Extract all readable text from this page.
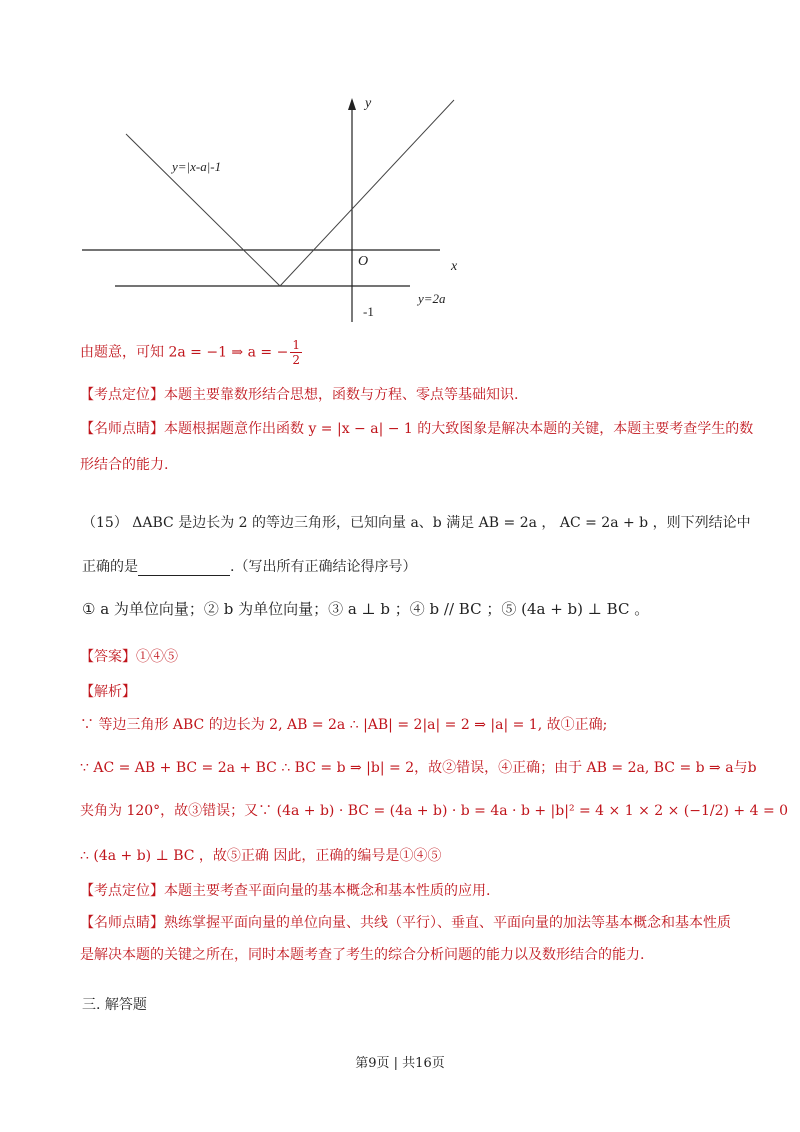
y
x
O
y=|x-a|-1
y=2a
-1
由题意，可知 2a = −1 ⇒ a = − $\frac{1}{2}$
【考点定位】本题主要靠数形结合思想，函数与方程、零点等基础知识.
【名师点睛】本题根据题意作出函数 y = |x − a| − 1 的大致图象是解决本题的关键，本题主要考查学生的数
形结合的能力.
（15） ΔABC 是边长为 2 的等边三角形，已知向量 a、b 满足 AB = 2a ， AC = 2a + b ，则下列结论中
正确的是	.（写出所有正确结论得序号）
① a 为单位向量；② b 为单位向量；③ a ⊥ b ；④ b // BC ；⑤ (4a + b) ⊥ BC 。
【答案】①④⑤
【解析】
∵ 等边三角形 ABC 的边长为 2, AB = 2a ∴ |AB| = 2|a| = 2 ⇒ |a| = 1, 故①正确;
∵ AC = AB + BC = 2a + BC ∴ BC = b ⇒ |b| = 2，故②错误，④正确；由于 AB = 2a, BC = b ⇒ a与b
夹角为 120°，故③错误；又∵ (4a + b) · BC = (4a + b) · b = 4a · b + |b|² = 4 × 1 × 2 × (−1/2) + 4 = 0
∴ (4a + b) ⊥ BC ，故⑤正确 因此，正确的编号是①④⑤
【考点定位】本题主要考查平面向量的基本概念和基本性质的应用.
【名师点睛】熟练掌握平面向量的单位向量、共线（平行）、垂直、平面向量的加法等基本概念和基本性质
是解决本题的关键之所在，同时本题考查了考生的综合分析问题的能力以及数形结合的能力.
三. 解答题
第9页 | 共16页
